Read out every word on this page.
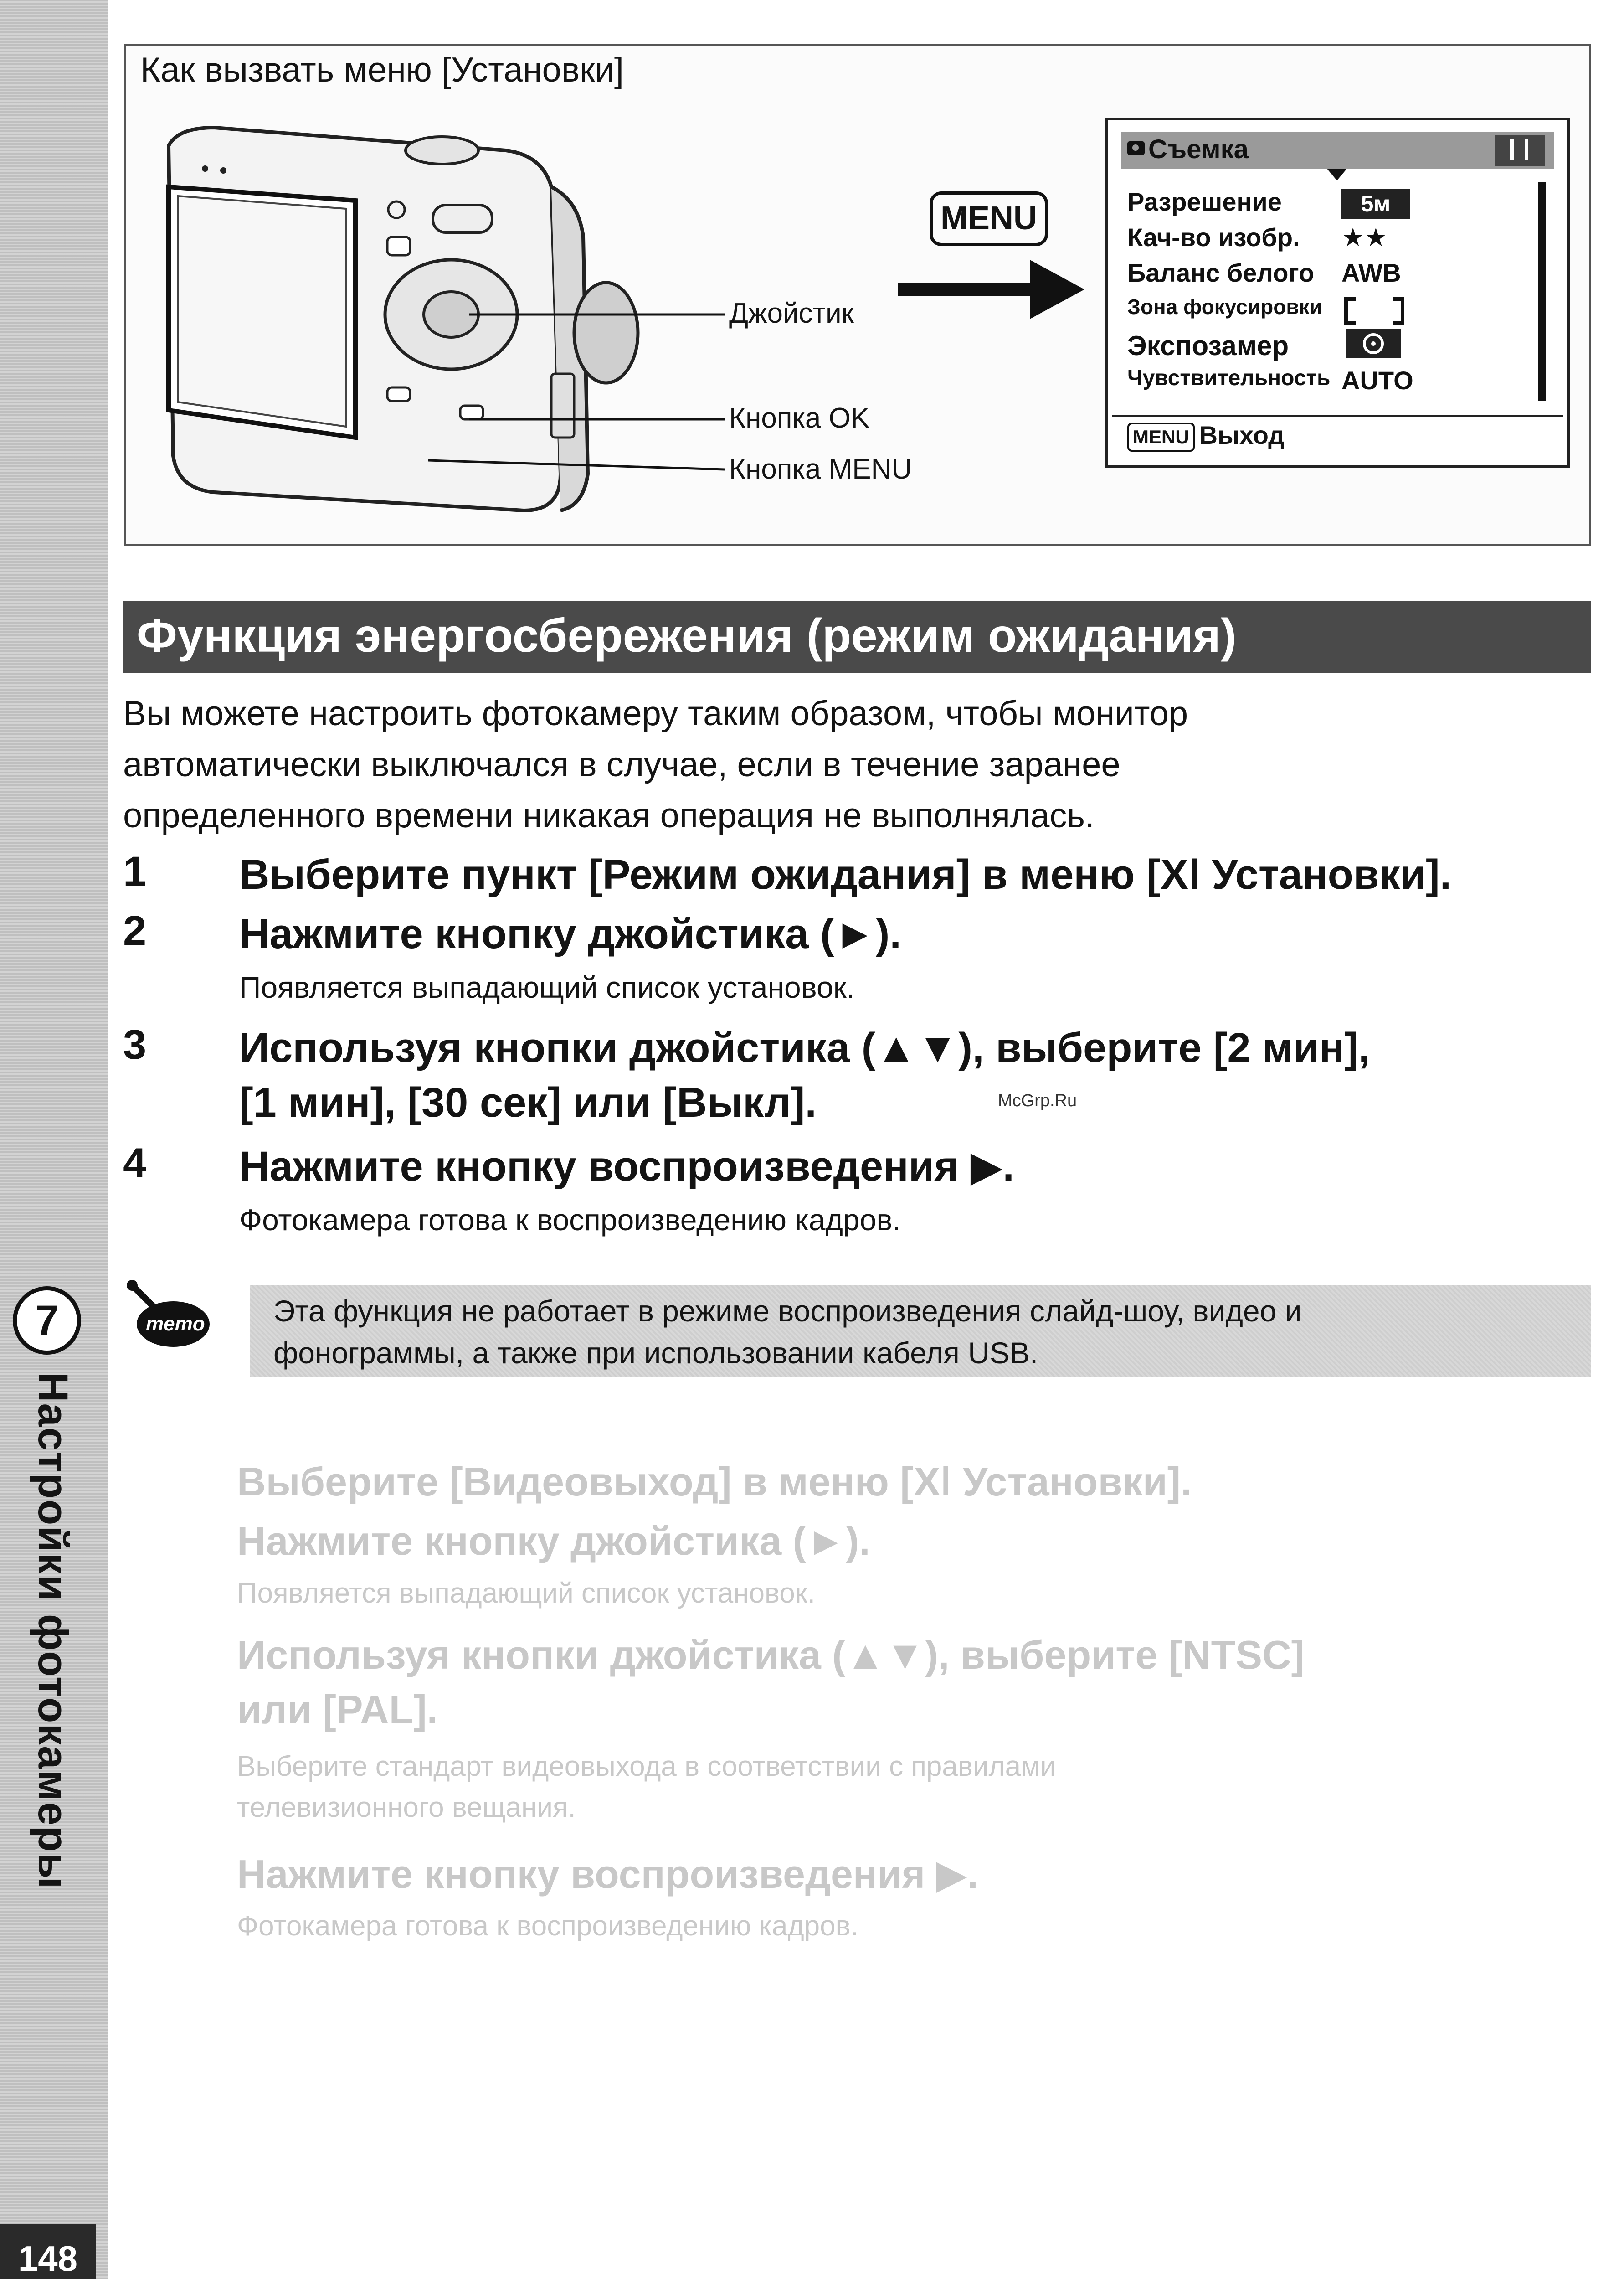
7
Настройки фотокамеры
148
Выберите [Видеовыход] в меню [Χǀ Установки].
Нажмите кнопку джойстика (►).
Появляется выпадающий список установок.
Используя кнопки джойстика (▲▼), выберите [NTSC]
или [PAL].
Выберите стандарт видеовыхода в соответствии с правилами
телевизионного вещания.
Нажмите кнопку воспроизведения ▶.
Фотокамера готова к воспроизведению кадров.
Как вызвать меню [Установки]
Джойстик
Кнопка OK
Кнопка MENU
MENU
Съемка
Разрешение	5м
Кач-во изобр. ★★
Баланс белого AWB
Зона фокусировки
Экспозамер
Чувствительность AUTO
MENU Выход
Функция энергосбережения (режим ожидания)
Вы можете настроить фотокамеру таким образом, чтобы монитор
автоматически выключался в случае, если в течение заранее
определенного времени никакая операция не выполнялась.
1 Выберите пункт [Режим ожидания] в меню [Χǀ Установки].
2 Нажмите кнопку джойстика (►).
Появляется выпадающий список установок.
3 Используя кнопки джойстика (▲▼), выберите [2 мин],
[1 мин], [30 сек] или [Выкл].
4 Нажмите кнопку воспроизведения ▶.
Фотокамера готова к воспроизведению кадров.
McGrp.Ru
memo Эта функция не работает в режиме воспроизведения слайд-шоу, видео и
фонограммы, а также при использовании кабеля USB.
